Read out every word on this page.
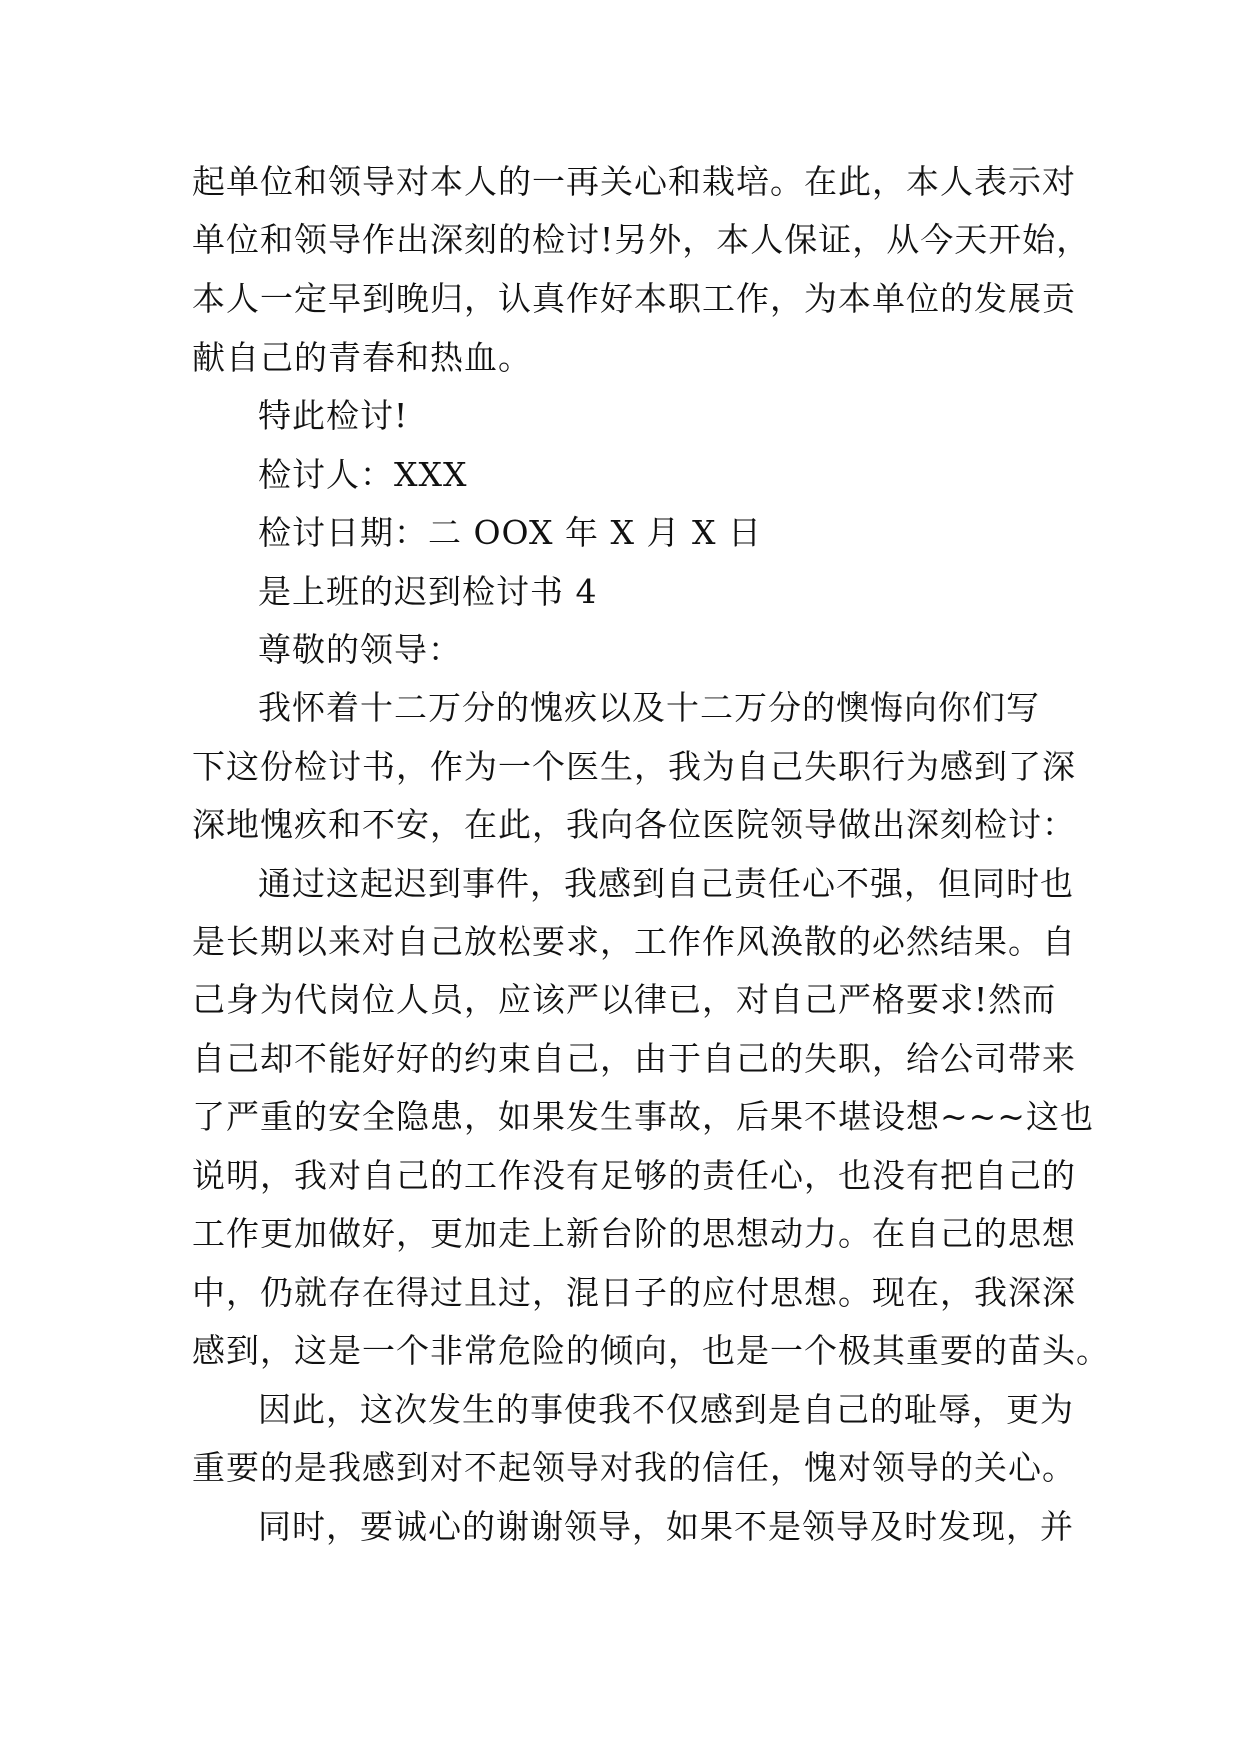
起单位和领导对本人的一再关心和栽培。在此，本人表示对
单位和领导作出深刻的检讨!另外，本人保证，从今天开始，
本人一定早到晚归，认真作好本职工作，为本单位的发展贡
献自己的青春和热血。
特此检讨!
检讨人：XXX
检讨日期：二 OOX 年 X 月 X 日
是上班的迟到检讨书 4
尊敬的领导：
我怀着十二万分的愧疚以及十二万分的懊悔向你们写
下这份检讨书，作为一个医生，我为自己失职行为感到了深
深地愧疚和不安，在此，我向各位医院领导做出深刻检讨：
通过这起迟到事件，我感到自己责任心不强，但同时也
是长期以来对自己放松要求，工作作风涣散的必然结果。自
己身为代岗位人员，应该严以律已，对自己严格要求!然而
自己却不能好好的约束自己，由于自己的失职，给公司带来
了严重的安全隐患，如果发生事故，后果不堪设想~~~这也
说明，我对自己的工作没有足够的责任心，也没有把自己的
工作更加做好，更加走上新台阶的思想动力。在自己的思想
中，仍就存在得过且过，混日子的应付思想。现在，我深深
感到，这是一个非常危险的倾向，也是一个极其重要的苗头。
因此，这次发生的事使我不仅感到是自己的耻辱，更为
重要的是我感到对不起领导对我的信任，愧对领导的关心。
同时，要诚心的谢谢领导，如果不是领导及时发现，并
